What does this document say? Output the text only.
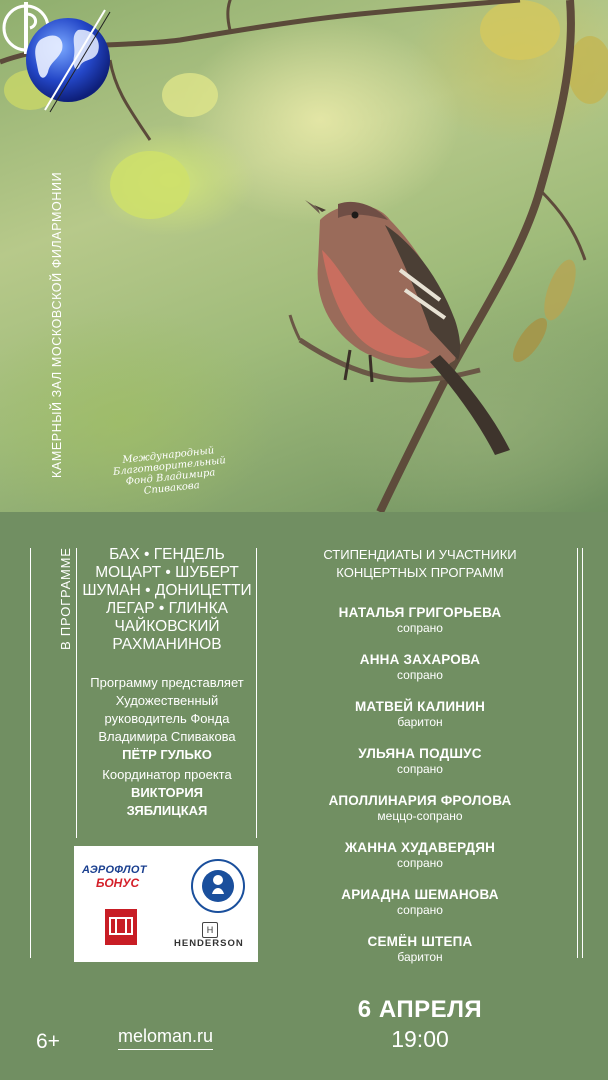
КАМЕРНЫЙ ЗАЛ МОСКОВСКОЙ ФИЛАРМОНИИ	Международный Благотворительный Фонд Владимира Спивакова
В ПРОГРАММЕ	БАХ • ГЕНДЕЛЬ
МОЦАРТ • ШУБЕРТ
ШУМАН • ДОНИЦЕТТИ
ЛЕГАР • ГЛИНКА
ЧАЙКОВСКИЙ
РАХМАНИНОВ
Программу представляет
Художественный
руководитель Фонда
Владимира Спивакова
ПЁТР ГУЛЬКО
Координатор проекта
ВИКТОРИЯ
ЗЯБЛИЦКАЯ
АЭРОФЛОТ
БОНУС
H
HENDERSON
СТИПЕНДИАТЫ И УЧАСТНИКИ
КОНЦЕРТНЫХ ПРОГРАММ
НАТАЛЬЯ ГРИГОРЬЕВА
сопрано
АННА ЗАХАРОВА
сопрано
МАТВЕЙ КАЛИНИН
баритон
УЛЬЯНА ПОДШУС
сопрано
АПОЛЛИНАРИЯ ФРОЛОВА
меццо-сопрано
ЖАННА ХУДАВЕРДЯН
сопрано
АРИАДНА ШЕМАНОВА
сопрано
СЕМЁН ШТЕПА
баритон
6+	meloman.ru
6 АПРЕЛЯ
19:00
